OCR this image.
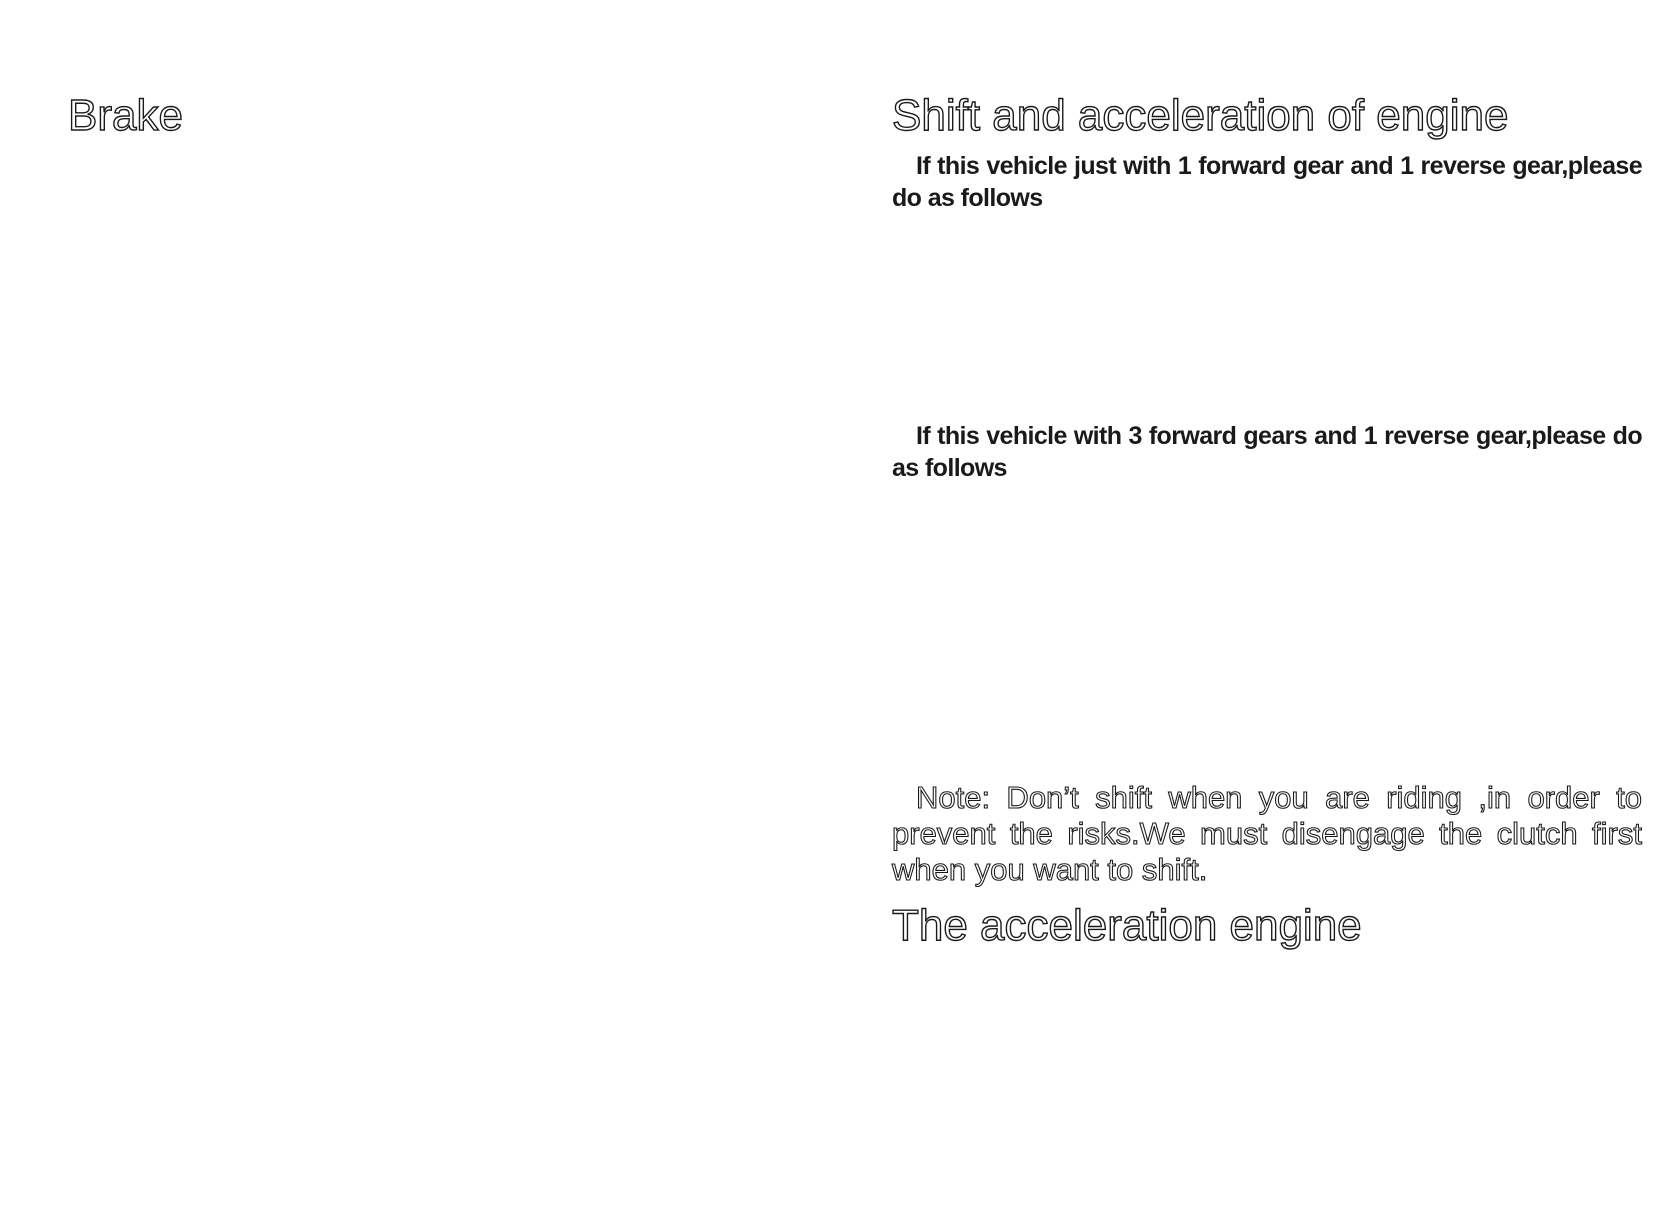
Brake	Shift and acceleration of engine

If this vehicle just with 1 forward gear and 1 reverse gear,please do as follows

If this vehicle with 3 forward gears and 1 reverse gear,please do as follows

Note: Don’t shift when you are riding ,in order to prevent the risks.We must disengage the clutch first when you want to shift.

The acceleration engine
